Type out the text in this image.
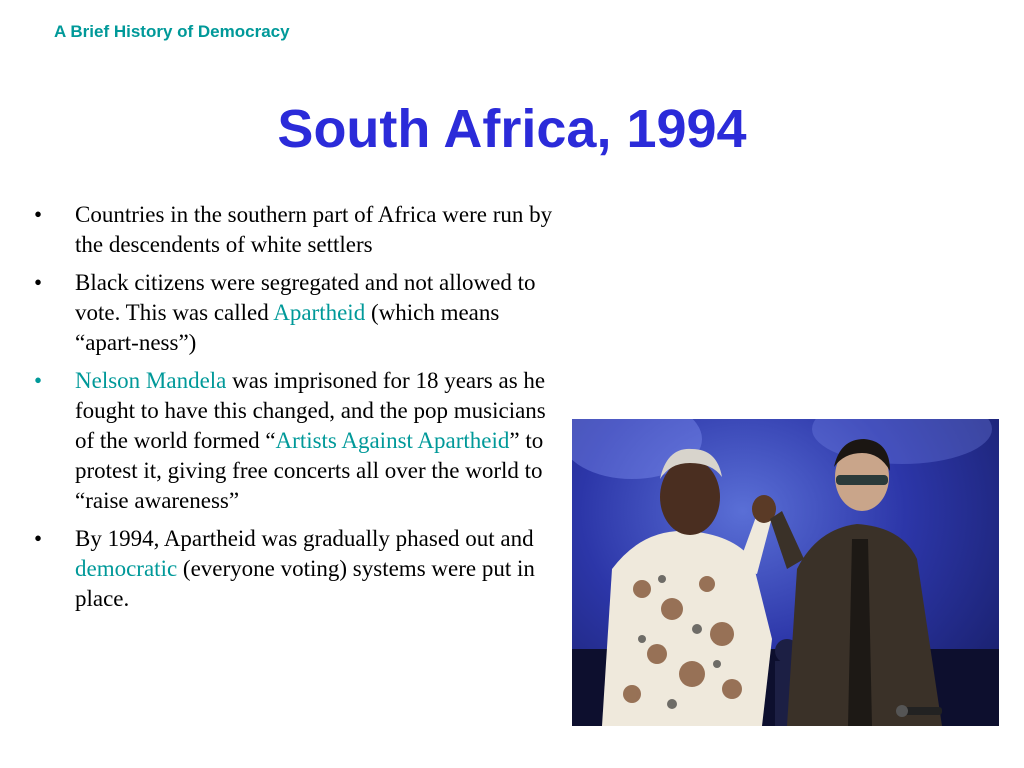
A Brief History of Democracy
South Africa, 1994
• Countries in the southern part of Africa were run by the descendents of white settlers
• Black citizens were segregated and not allowed to vote. This was called Apartheid (which means “apart-ness”)
• Nelson Mandela was imprisoned for 18 years as he fought to have this changed, and the pop musicians of the world formed “Artists Against Apartheid” to protest it, giving free concerts all over the world to “raise awareness”
• By 1994, Apartheid was gradually phased out and democratic (everyone voting) systems were put in place.
